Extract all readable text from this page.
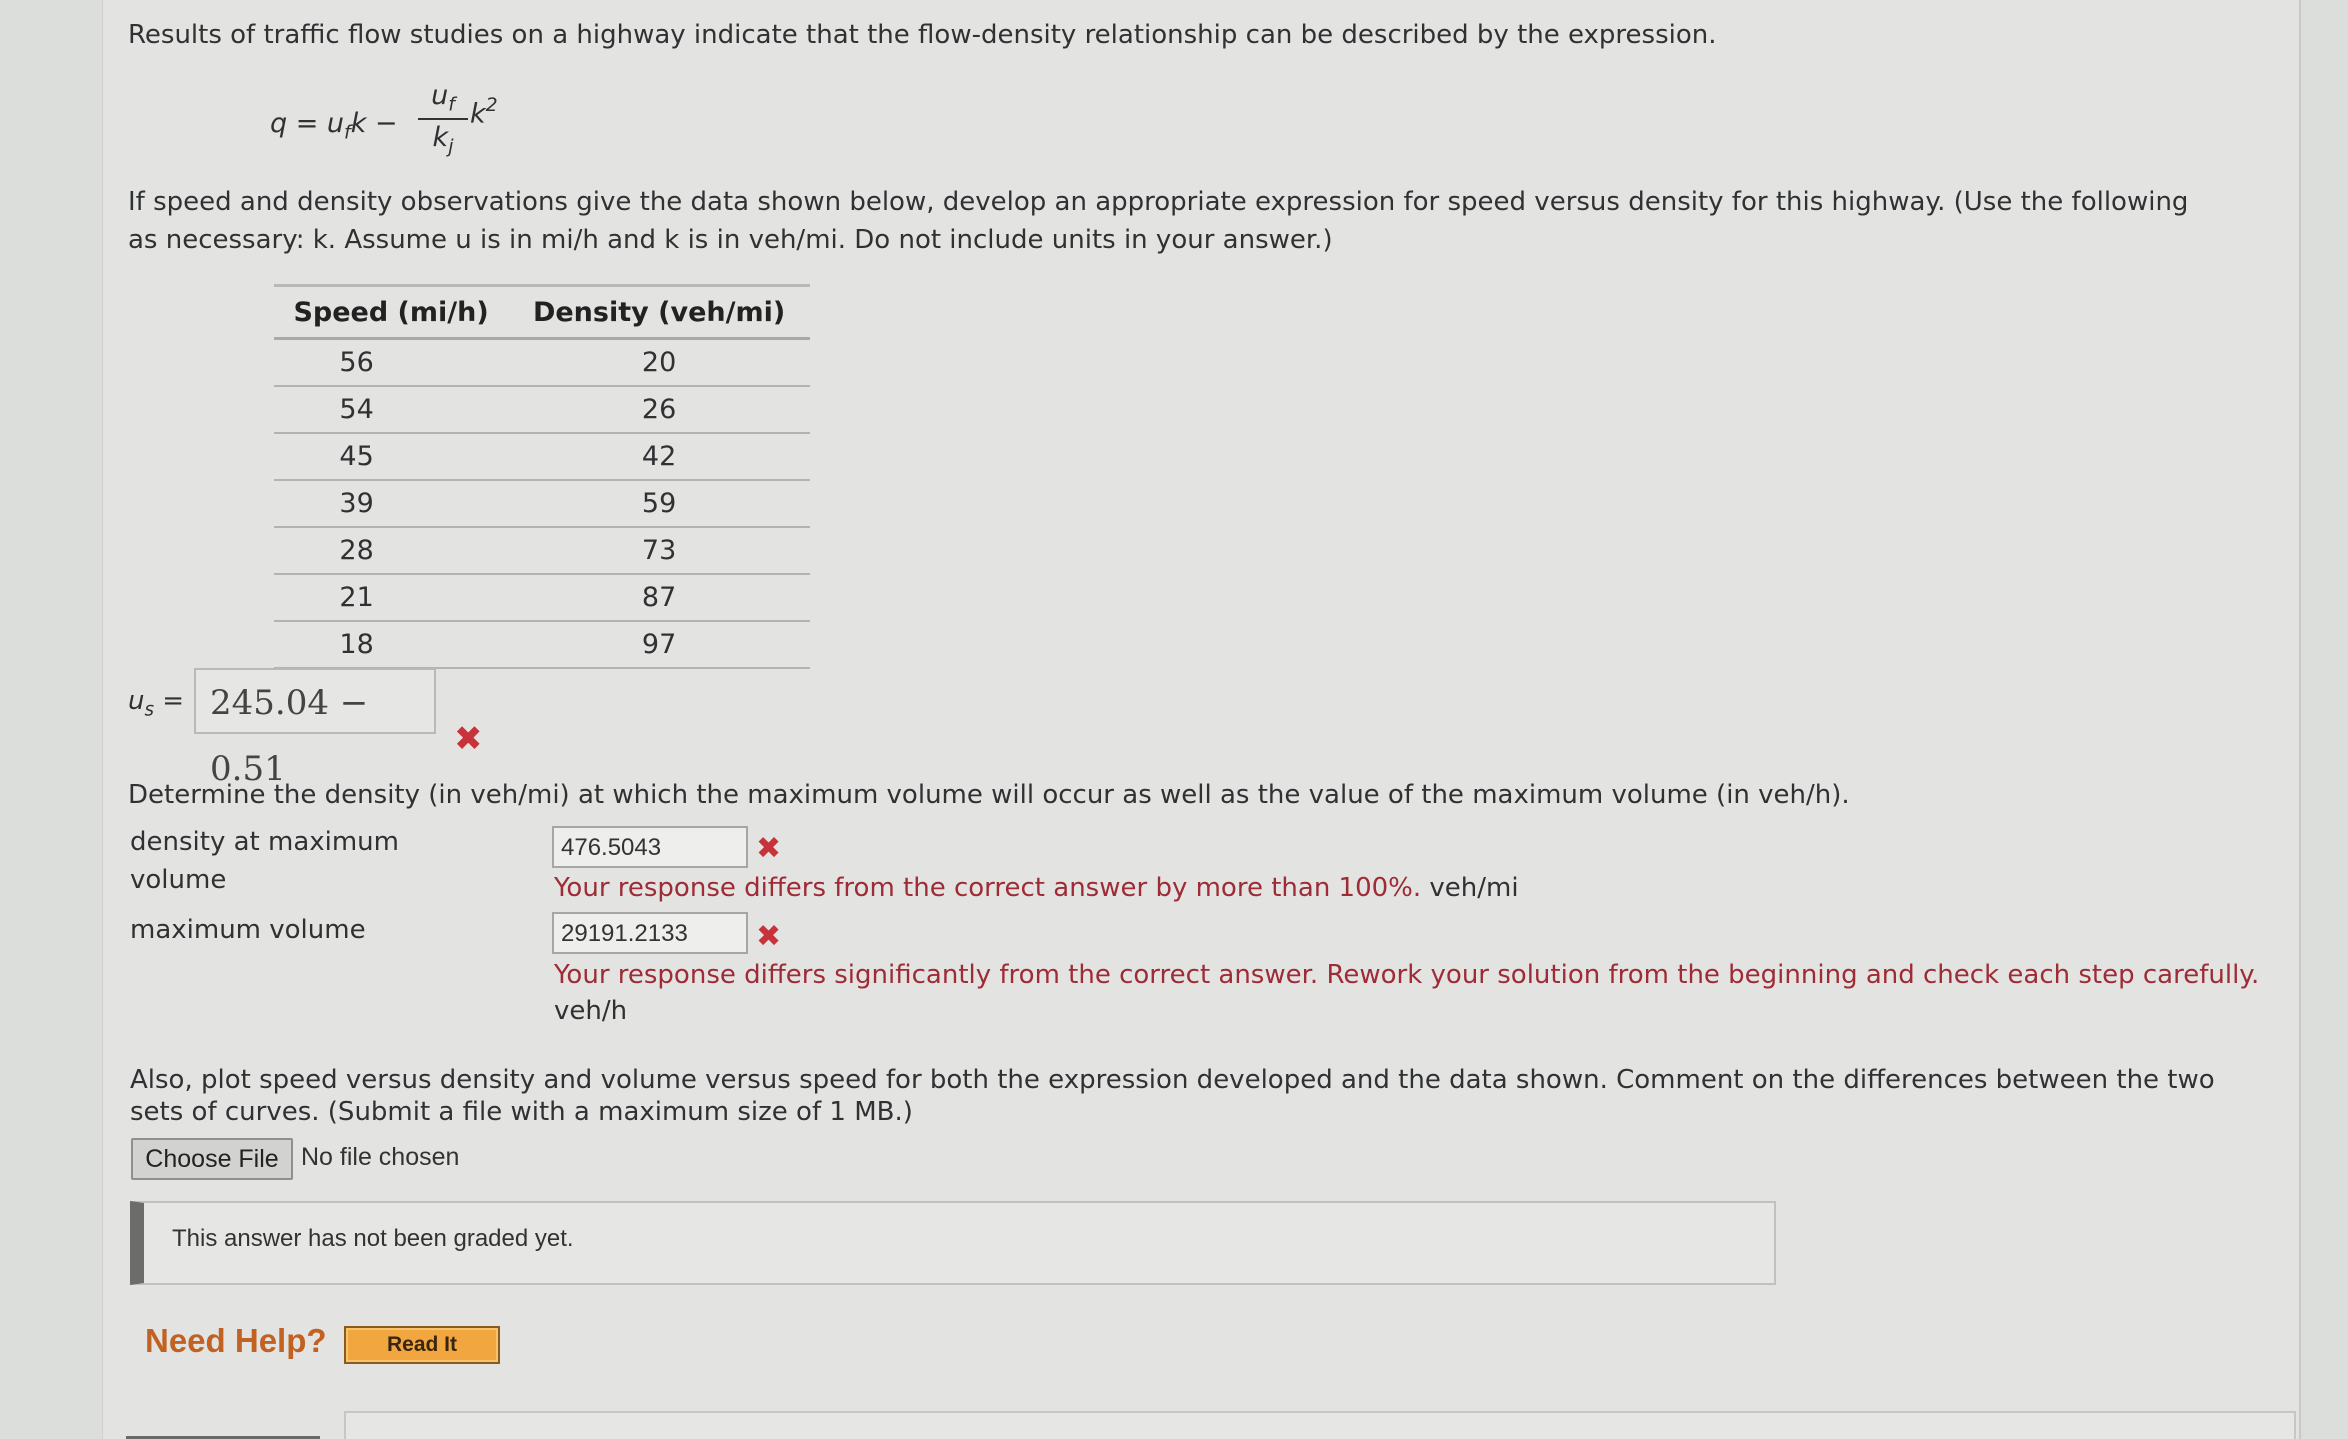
Results of traffic flow studies on a highway indicate that the flow-density relationship can be described by the expression.

$q = u_fk$ −
$u_f$
$k_j$
$k^2$

If speed and density observations give the data shown below, develop an appropriate expression for speed versus density for this highway. (Use the following as necessary: k. Assume u is in mi/h and k is in veh/mi. Do not include units in your answer.)

Speed (mi/h)	Density (veh/mi)
56	20
54	26
45	42
39	59
28	73
21	87
18	97
$u_s = 245.04 - 0.51$
✖

Determine the density (in veh/mi) at which the maximum volume will occur as well as the value of the maximum volume (in veh/h).

density at maximum
volume
476.5043	✖
Your response differs from the correct answer by more than 100%. veh/mi
maximum volume	29191.2133	✖
Your response differs significantly from the correct answer. Rework your solution from the beginning and check each step carefully.
veh/h

Also, plot speed versus density and volume versus speed for both the expression developed and the data shown. Comment on the differences between the two sets of curves. (Submit a file with a maximum size of 1 MB.)

Choose File No file chosen
This answer has not been graded yet.
Need Help?	Read It
